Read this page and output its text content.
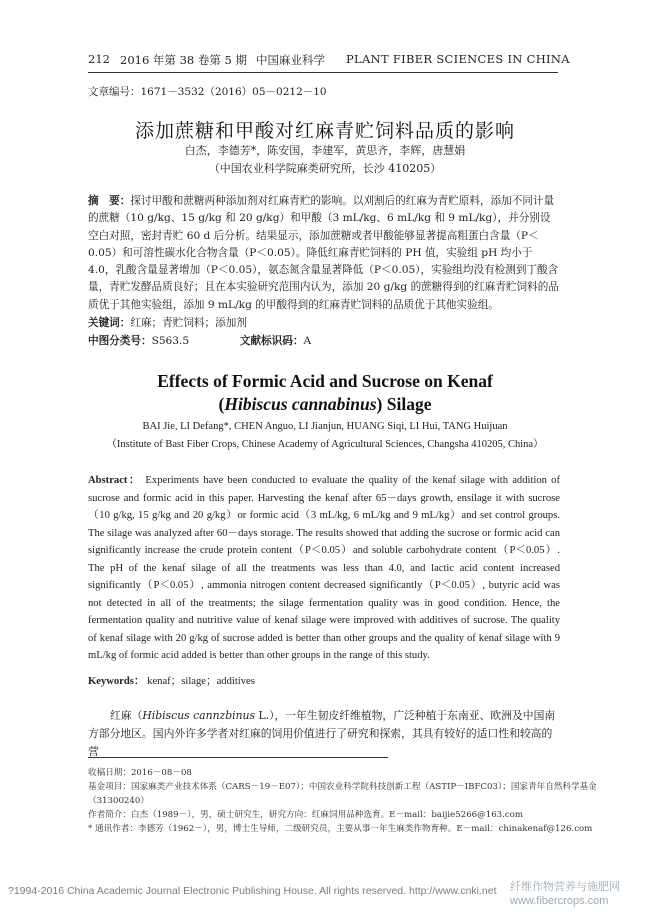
212 2016 年第 38 卷第 5 期 中国麻业科学 PLANT FIBER SCIENCES IN CHINA
文章编号：1671－3532（2016）05－0212－10
添加蔗糖和甲酸对红麻青贮饲料品质的影响
白杰，李德芳*，陈安国，李建军，黄思齐，李辉，唐慧娟
（中国农业科学院麻类研究所，长沙 410205）
摘　要：探讨甲酸和蔗糖两种添加剂对红麻青贮的影响。以刈割后的红麻为青贮原料，添加不同计量的蔗糖（10 g/kg、15 g/kg 和 20 g/kg）和甲酸（3 mL/kg、6 mL/kg 和 9 mL/kg），并分别设空白对照，密封青贮 60 d 后分析。结果显示，添加蔗糖或者甲酸能够显著提高粗蛋白含量（P＜0.05）和可溶性碳水化合物含量（P＜0.05）。降低红麻青贮饲料的 PH 值，实验组 pH 均小于 4.0，乳酸含量显著增加（P＜0.05），氨态氮含量显著降低（P＜0.05），实验组均没有检测到丁酸含量，青贮发酵品质良好；且在本实验研究范围内认为，添加 20 g/kg 的蔗糖得到的红麻青贮饲料的品质优于其他实验组，添加 9 mL/kg 的甲酸得到的红麻青贮饲料的品质优于其他实验组。
关键词：红麻；青贮饲料；添加剂
中图分类号：S563.5	文献标识码：A
Effects of Formic Acid and Sucrose on Kenaf
(Hibiscus cannabinus) Silage
BAI Jie, LI Defang*, CHEN Anguo, LI Jianjun, HUANG Siqi, LI Hui, TANG Huijuan
（Institute of Bast Fiber Crops, Chinese Academy of Agricultural Sciences, Changsha 410205, China）
Abstract： Experiments have been conducted to evaluate the quality of the kenaf silage with addition of sucrose and formic acid in this paper. Harvesting the kenaf after 65－days growth, ensilage it with sucrose（10 g/kg, 15 g/kg and 20 g/kg）or formic acid（3 mL/kg, 6 mL/kg and 9 mL/kg）and set control groups. The silage was analyzed after 60－days storage. The results showed that adding the sucrose or formic acid can significantly increase the crude protein content（P＜0.05）and soluble carbohydrate content（P＜0.05）. The pH of the kenaf silage of all the treatments was less than 4.0, and lactic acid content increased significantly（P＜0.05）, ammonia nitrogen content decreased significantly（P＜0.05）, butyric acid was not detected in all of the treatments; the silage fermentation quality was in good condition. Hence, the fermentation quality and nutritive value of kenaf silage were improved with additives of sucrose. The quality of kenaf silage with 20 g/kg of sucrose added is better than other groups and the quality of kenaf silage with 9 mL/kg of formic acid added is better than other groups in the range of this study.
Keywords： kenaf；silage；additives
红麻（Hibiscus cannzbinus L.），一年生韧皮纤维植物，广泛种植于东南亚、欧洲及中国南方部分地区。国内外许多学者对红麻的饲用价值进行了研究和探索，其具有较好的适口性和较高的营
收稿日期：2016－08－08
基金项目：国家麻类产业技术体系（CARS－19－E07）；中国农业科学院科技创新工程（ASTIP－IBFC03）；国家青年自然科学基金
（31300240）
作者简介：白杰（1989－），男，硕士研究生，研究方向：红麻饲用品种选育。E－mail：baijie5266@163.com
* 通讯作者：李德芳（1962－），男，博士生导师，二级研究员，主要从事一年生麻类作物育种。E－mail：chinakenaf@126.com
?1994-2016 China Academic Journal Electronic Publishing House. All rights reserved. http://www.cnki.net	纤维作物营养与施肥网
www.fibercrops.com
